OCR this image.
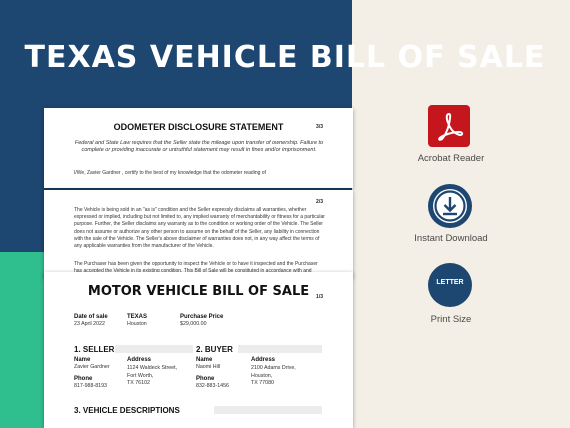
TEXAS VEHICLE BILL OF SALE
ODOMETER DISCLOSURE STATEMENT	3/3
Federal and State Law requires that the Seller state the mileage upon transfer of ownership. Failure to complete or providing inaccurate or untruthful statement may result in fines and/or imprisonment.
I/We, Zavier Gardner , certify to the best of my knowledge that the odometer reading of
2/3
The Vehicle is being sold in an "as is" condition and the Seller expressly disclaims all warranties, whether expressed or implied, including but not limited to, any implied warranty of merchantability or fitness for a particular purpose. Further, the Seller disclaims any warranty as to the condition or working order of the Vehicle. The Seller does not assume or authorize any other person to assume on the behalf of the Seller, any liability in connection with the sale of the Vehicle. The Seller's above disclaimer of warranties does not, in any way affect the terms of any applicable warranties from the manufacturer of the Vehicle.
The Purchaser has been given the opportunity to inspect the Vehicle or to have it inspected and the Purchaser
MOTOR VEHICLE BILL OF SALE	1/3
Date of sale
23 April 2022
TEXAS
Houston
Purchase Price
$29,000.00
1. SELLER	2. BUYER
Name
Zavier Gardner
Address
1124 Waldeck Street,
Fort Worth,
TX 76102
Phone
817-988-8193
Name
Naomi Hill
Address
2100 Adams Drive,
Houston,
TX 77080
Phone
832-883-1456
3. VEHICLE DESCRIPTIONS
Acrobat Reader
Instant Download
LETTER
Print Size
